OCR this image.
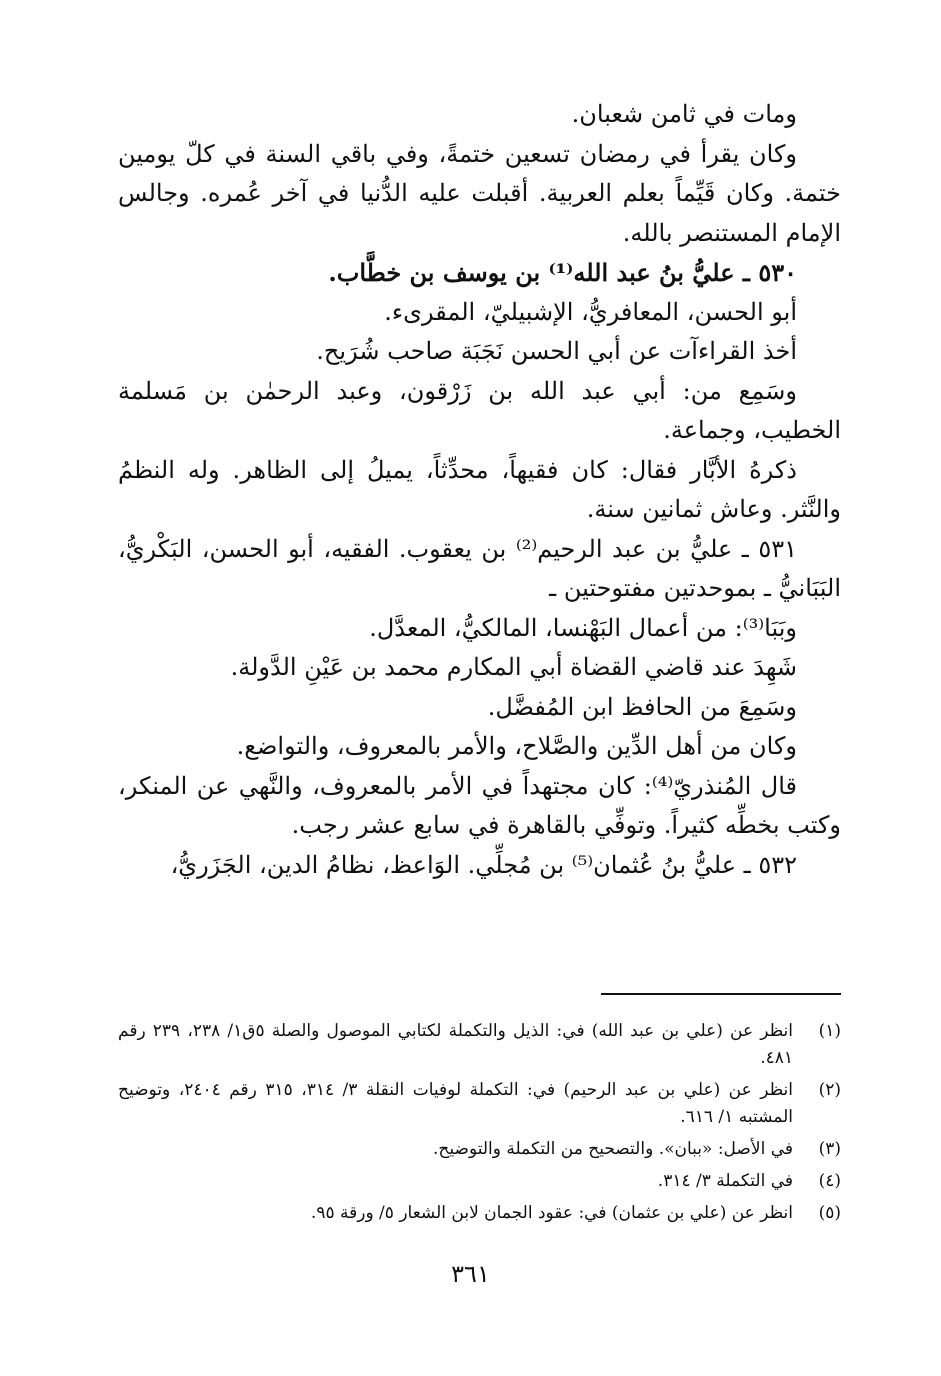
ومات في ثامن شعبان.

وكان يقرأ في رمضان تسعين ختمةً، وفي باقي السنة في كلّ يومين ختمة. وكان قَيِّماً بعلم العربية. أقبلت عليه الدُّنيا في آخر عُمره. وجالس الإمام المستنصر بالله.

٥٣٠ ـ عليُّ بنُ عبد الله⁽¹⁾ بن يوسف بن خطَّاب.

أبو الحسن، المعافريُّ، الإشبيليّ، المقرىء.

أخذ القراءآت عن أبي الحسن نَجَبَة صاحب شُرَيح.

وسَمِع من: أبي عبد الله بن زَرْقون، وعبد الرحمٰن بن مَسلمة الخطيب، وجماعة.

ذكرهُ الأبَّار فقال: كان فقيهاً، محدِّثاً، يميلُ إلى الظاهر. وله النظمُ والنَّثر. وعاش ثمانين سنة.

٥٣١ ـ عليُّ بن عبد الرحيم⁽²⁾ بن يعقوب. الفقيه، أبو الحسن، البَكْريُّ، البَبَانيُّ ـ بموحدتين مفتوحتين ـ

وبَبَا⁽³⁾: من أعمال البَهْنسا، المالكيُّ، المعدَّل.

شَهِدَ عند قاضي القضاة أبي المكارم محمد بن عَيْنِ الدَّولة.

وسَمِعَ من الحافظ ابن المُفضَّل.

وكان من أهل الدِّين والصَّلاح، والأمر بالمعروف، والتواضع.

قال المُنذريّ⁽⁴⁾: كان مجتهداً في الأمر بالمعروف، والنَّهي عن المنكر، وكتب بخطِّه كثيراً. وتوفِّي بالقاهرة في سابع عشر رجب.

٥٣٢ ـ عليُّ بنُ عُثمان⁽⁵⁾ بن مُجلِّي. الوَاعظ، نظامُ الدين، الجَزَريُّ،

(١)
انظر عن (علي بن عبد الله) في: الذيل والتكملة لكتابي الموصول والصلة ٥ق١/ ٢٣٨، ٢٣٩ رقم ٤٨١.
(٢)
انظر عن (علي بن عبد الرحيم) في: التكملة لوفيات النقلة ٣/ ٣١٤، ٣١٥ رقم ٢٤٠٤، وتوضيح المشتبه ١/ ٦١٦.
(٣)
في الأصل: «ببان». والتصحيح من التكملة والتوضيح.
(٤)
في التكملة ٣/ ٣١٤.
(٥)
انظر عن (علي بن عثمان) في: عقود الجمان لابن الشعار ٥/ ورقة ٩٥.
٣٦١
